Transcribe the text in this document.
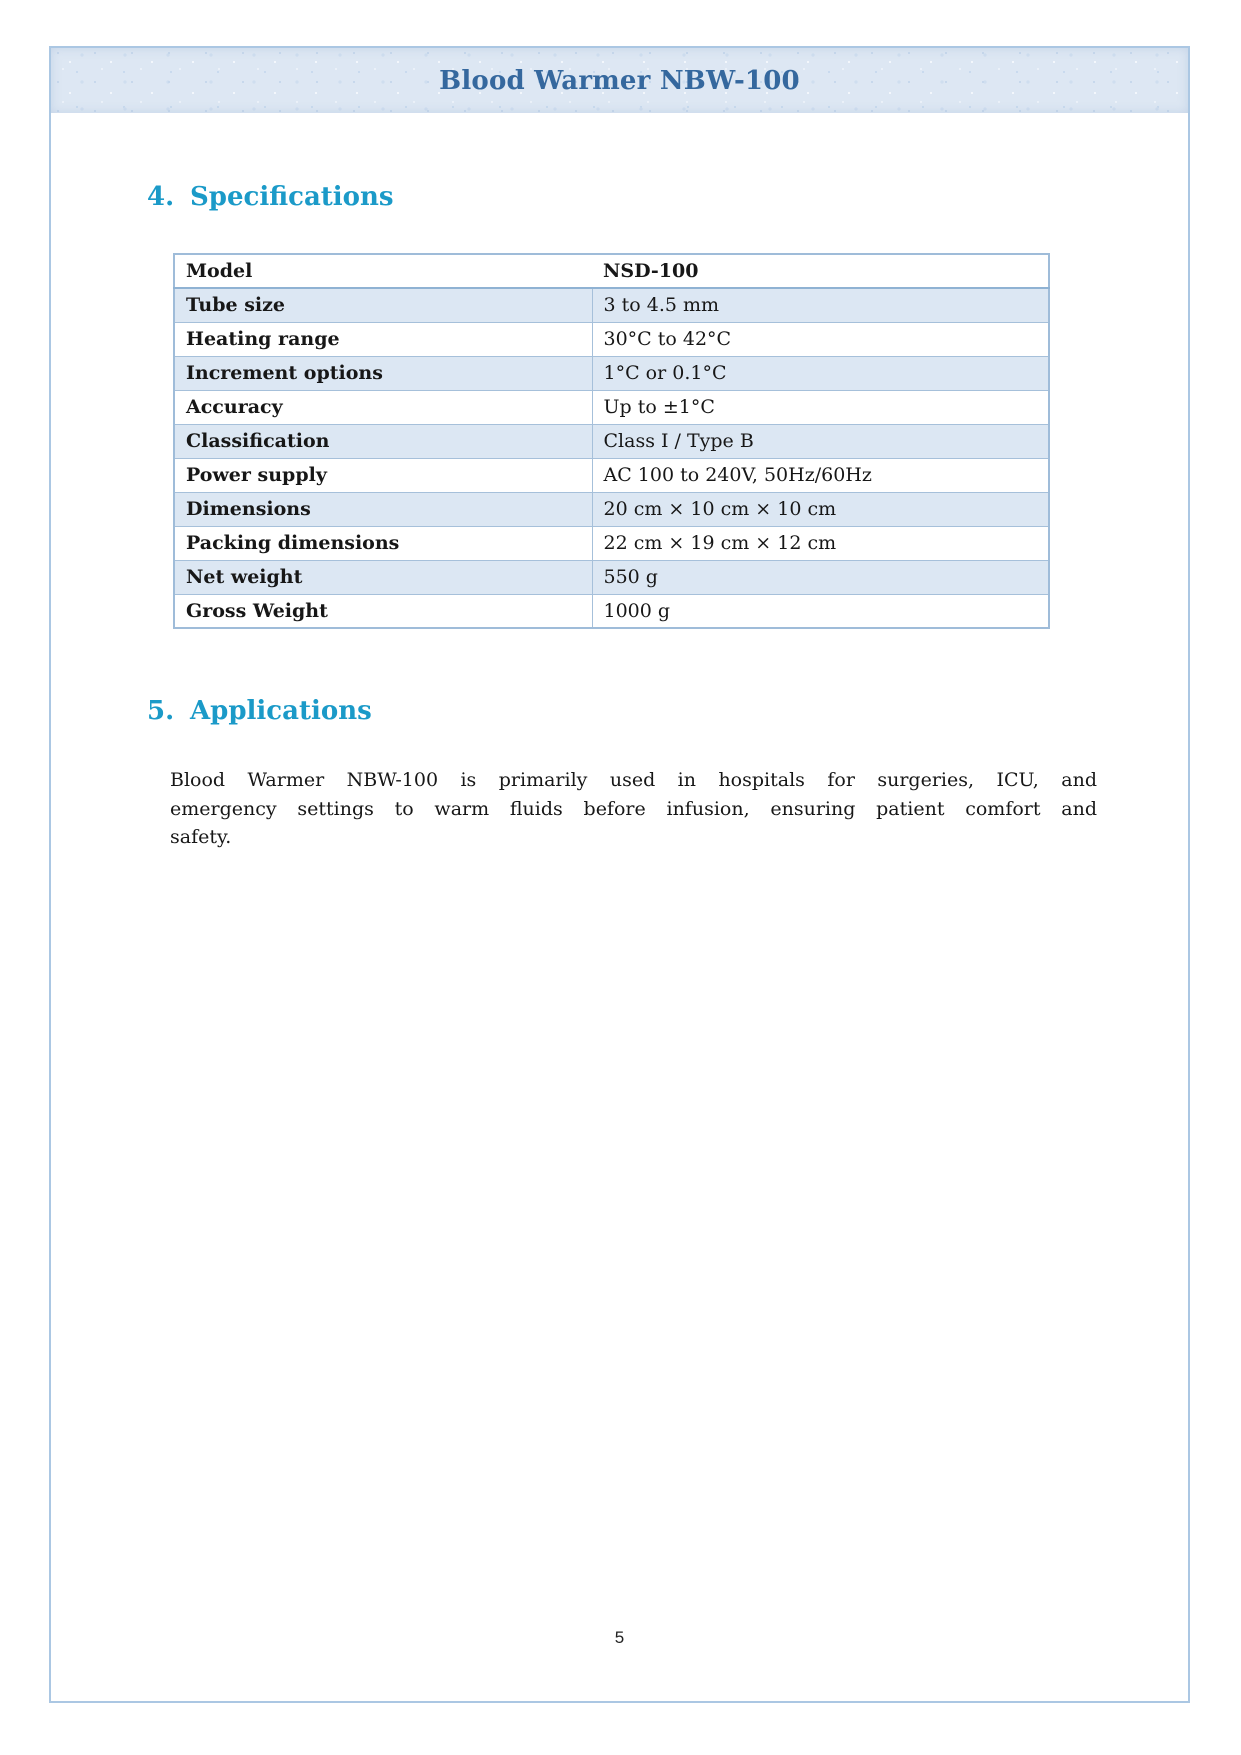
Blood Warmer NBW-100
4. Specifications
Model	NSD-100
Tube size	3 to 4.5 mm
Heating range	30°C to 42°C
Increment options	1°C or 0.1°C
Accuracy	Up to ±1°C
Classification	Class I / Type B
Power supply	AC 100 to 240V, 50Hz/60Hz
Dimensions	20 cm × 10 cm × 10 cm
Packing dimensions	22 cm × 19 cm × 12 cm
Net weight	550 g
Gross Weight	1000 g
5. Applications
Blood Warmer NBW-100 is primarily used in hospitals for surgeries, ICU, and
emergency settings to warm fluids before infusion, ensuring patient comfort and
safety.
5
